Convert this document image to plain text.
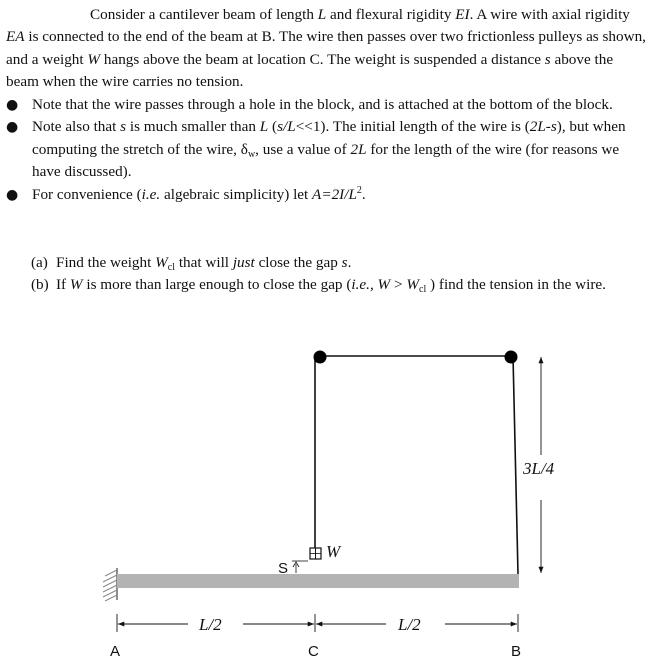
Consider a cantilever beam of length L and flexural rigidity EI. A wire with axial rigidity EA is connected to the end of the beam at B. The wire then passes over two frictionless pulleys as shown, and a weight W hangs above the beam at location C. The weight is suspended a distance s above the beam when the wire carries no tension.
● Note that the wire passes through a hole in the block, and is attached at the bottom of the block.
● Note also that s is much smaller than L (s/L<<1). The initial length of the wire is (2L-s), but when computing the stretch of the wire, $\delta_w$, use a value of 2L for the length of the wire (for reasons we have discussed).
● For convenience (i.e. algebraic simplicity) let $A=2I/L^2$.
(a) Find the weight $W_{cl}$ that will just close the gap s.
(b) If W is more than large enough to close the gap (i.e., $W > W_{cl}$ ) find the tension in the wire.
W
S
3L/4
L/2	L/2
A	C	B
